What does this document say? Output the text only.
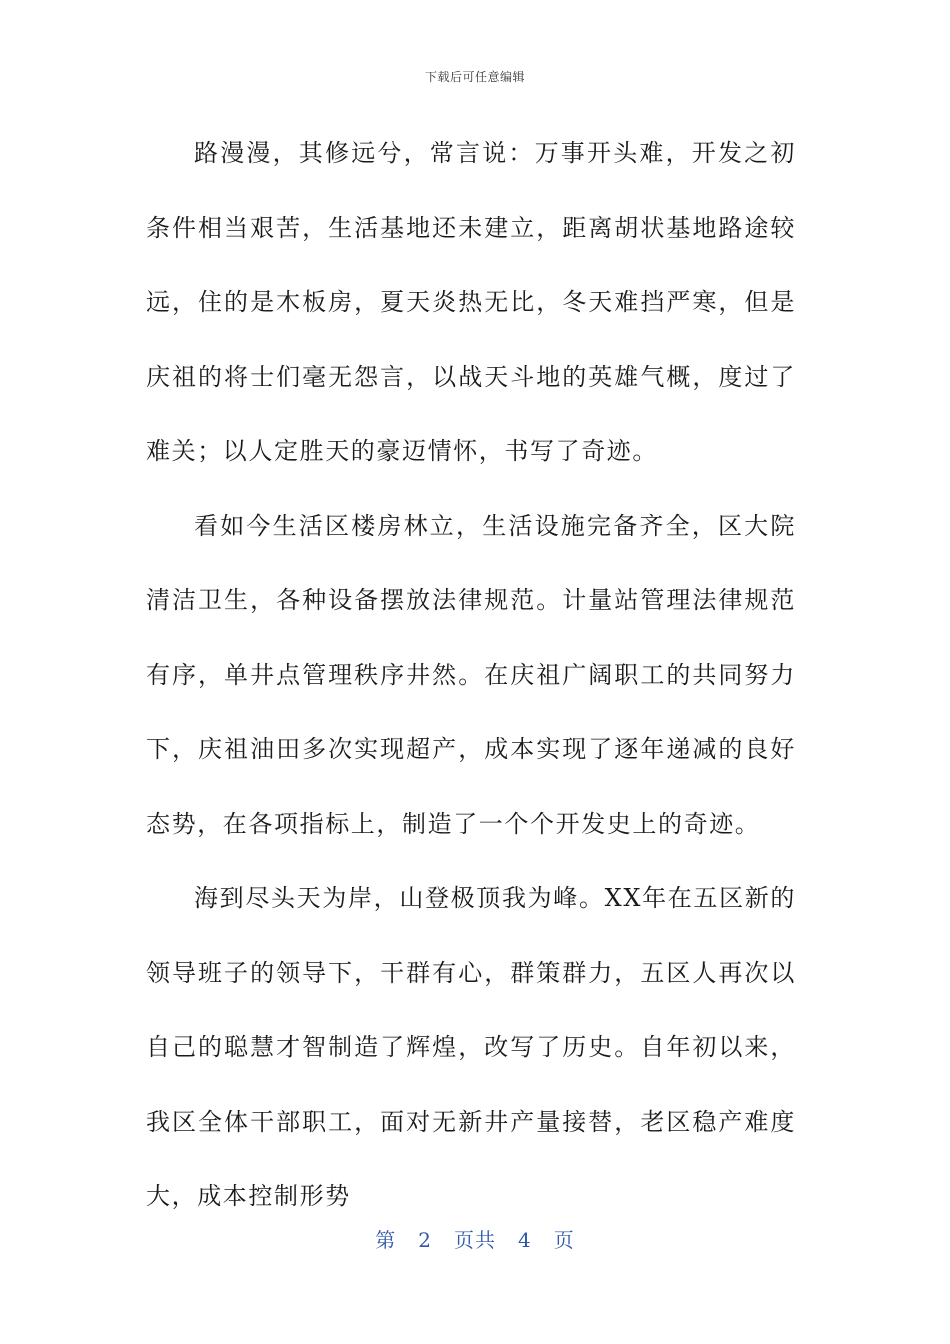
下载后可任意编辑

路漫漫，其修远兮，常言说：万事开头难，开发之初条件相当艰苦，生活基地还未建立，距离胡状基地路途较远，住的是木板房，夏天炎热无比，冬天难挡严寒，但是庆祖的将士们毫无怨言，以战天斗地的英雄气概，度过了难关；以人定胜天的豪迈情怀，书写了奇迹。

看如今生活区楼房林立，生活设施完备齐全，区大院清洁卫生，各种设备摆放法律规范。计量站管理法律规范有序，单井点管理秩序井然。在庆祖广阔职工的共同努力下，庆祖油田多次实现超产，成本实现了逐年递减的良好态势，在各项指标上，制造了一个个开发史上的奇迹。

海到尽头天为岸，山登极顶我为峰。XX年在五区新的领导班子的领导下，干群有心，群策群力，五区人再次以自己的聪慧才智制造了辉煌，改写了历史。自年初以来，我区全体干部职工，面对无新井产量接替，老区稳产难度大，成本控制形势

第 2 页共 4 页
